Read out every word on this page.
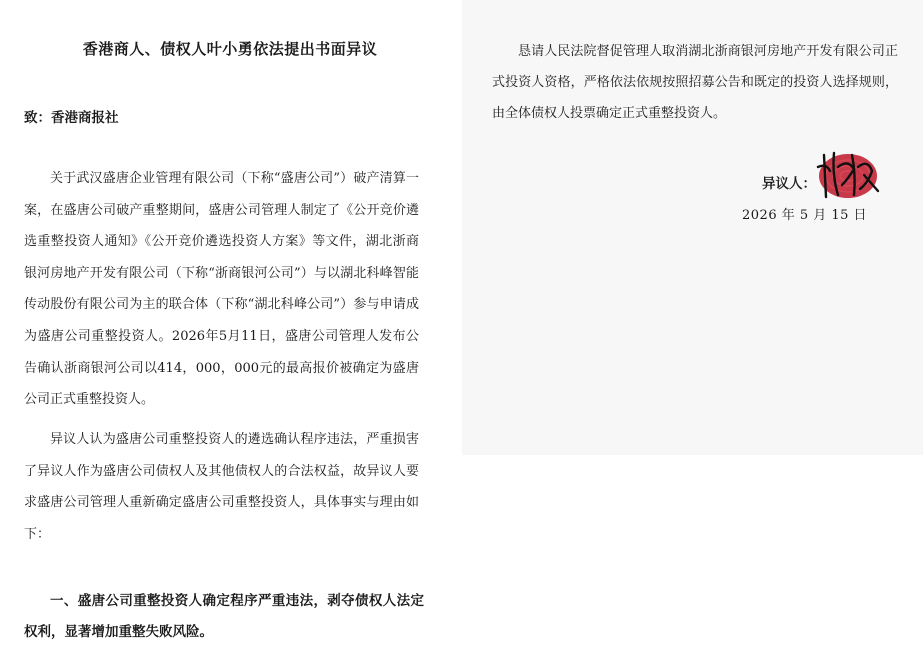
香港商人、债权人叶小勇依法提出书面异议
致：香港商报社

关于武汉盛唐企业管理有限公司（下称“盛唐公司”）破产清算一案，在盛唐公司破产重整期间，盛唐公司管理人制定了《公开竞价遴选重整投资人通知》《公开竞价遴选投资人方案》等文件，湖北浙商银河房地产开发有限公司（下称“浙商银河公司”）与以湖北科峰智能传动股份有限公司为主的联合体（下称“湖北科峰公司”）参与申请成为盛唐公司重整投资人。2026年5月11日，盛唐公司管理人发布公告确认浙商银河公司以414，000，000元的最高报价被确定为盛唐公司正式重整投资人。

异议人认为盛唐公司重整投资人的遴选确认程序违法，严重损害了异议人作为盛唐公司债权人及其他债权人的合法权益，故异议人要求盛唐公司管理人重新确定盛唐公司重整投资人，具体事实与理由如下：

一、盛唐公司重整投资人确定程序严重违法，剥夺债权人法定权利，显著增加重整失败风险。

恳请人民法院督促管理人取消湖北浙商银河房地产开发有限公司正式投资人资格，严格依法依规按照招募公告和既定的投资人选择规则，由全体债权人投票确定正式重整投资人。

异议人：
2026 年 5 月 15 日
